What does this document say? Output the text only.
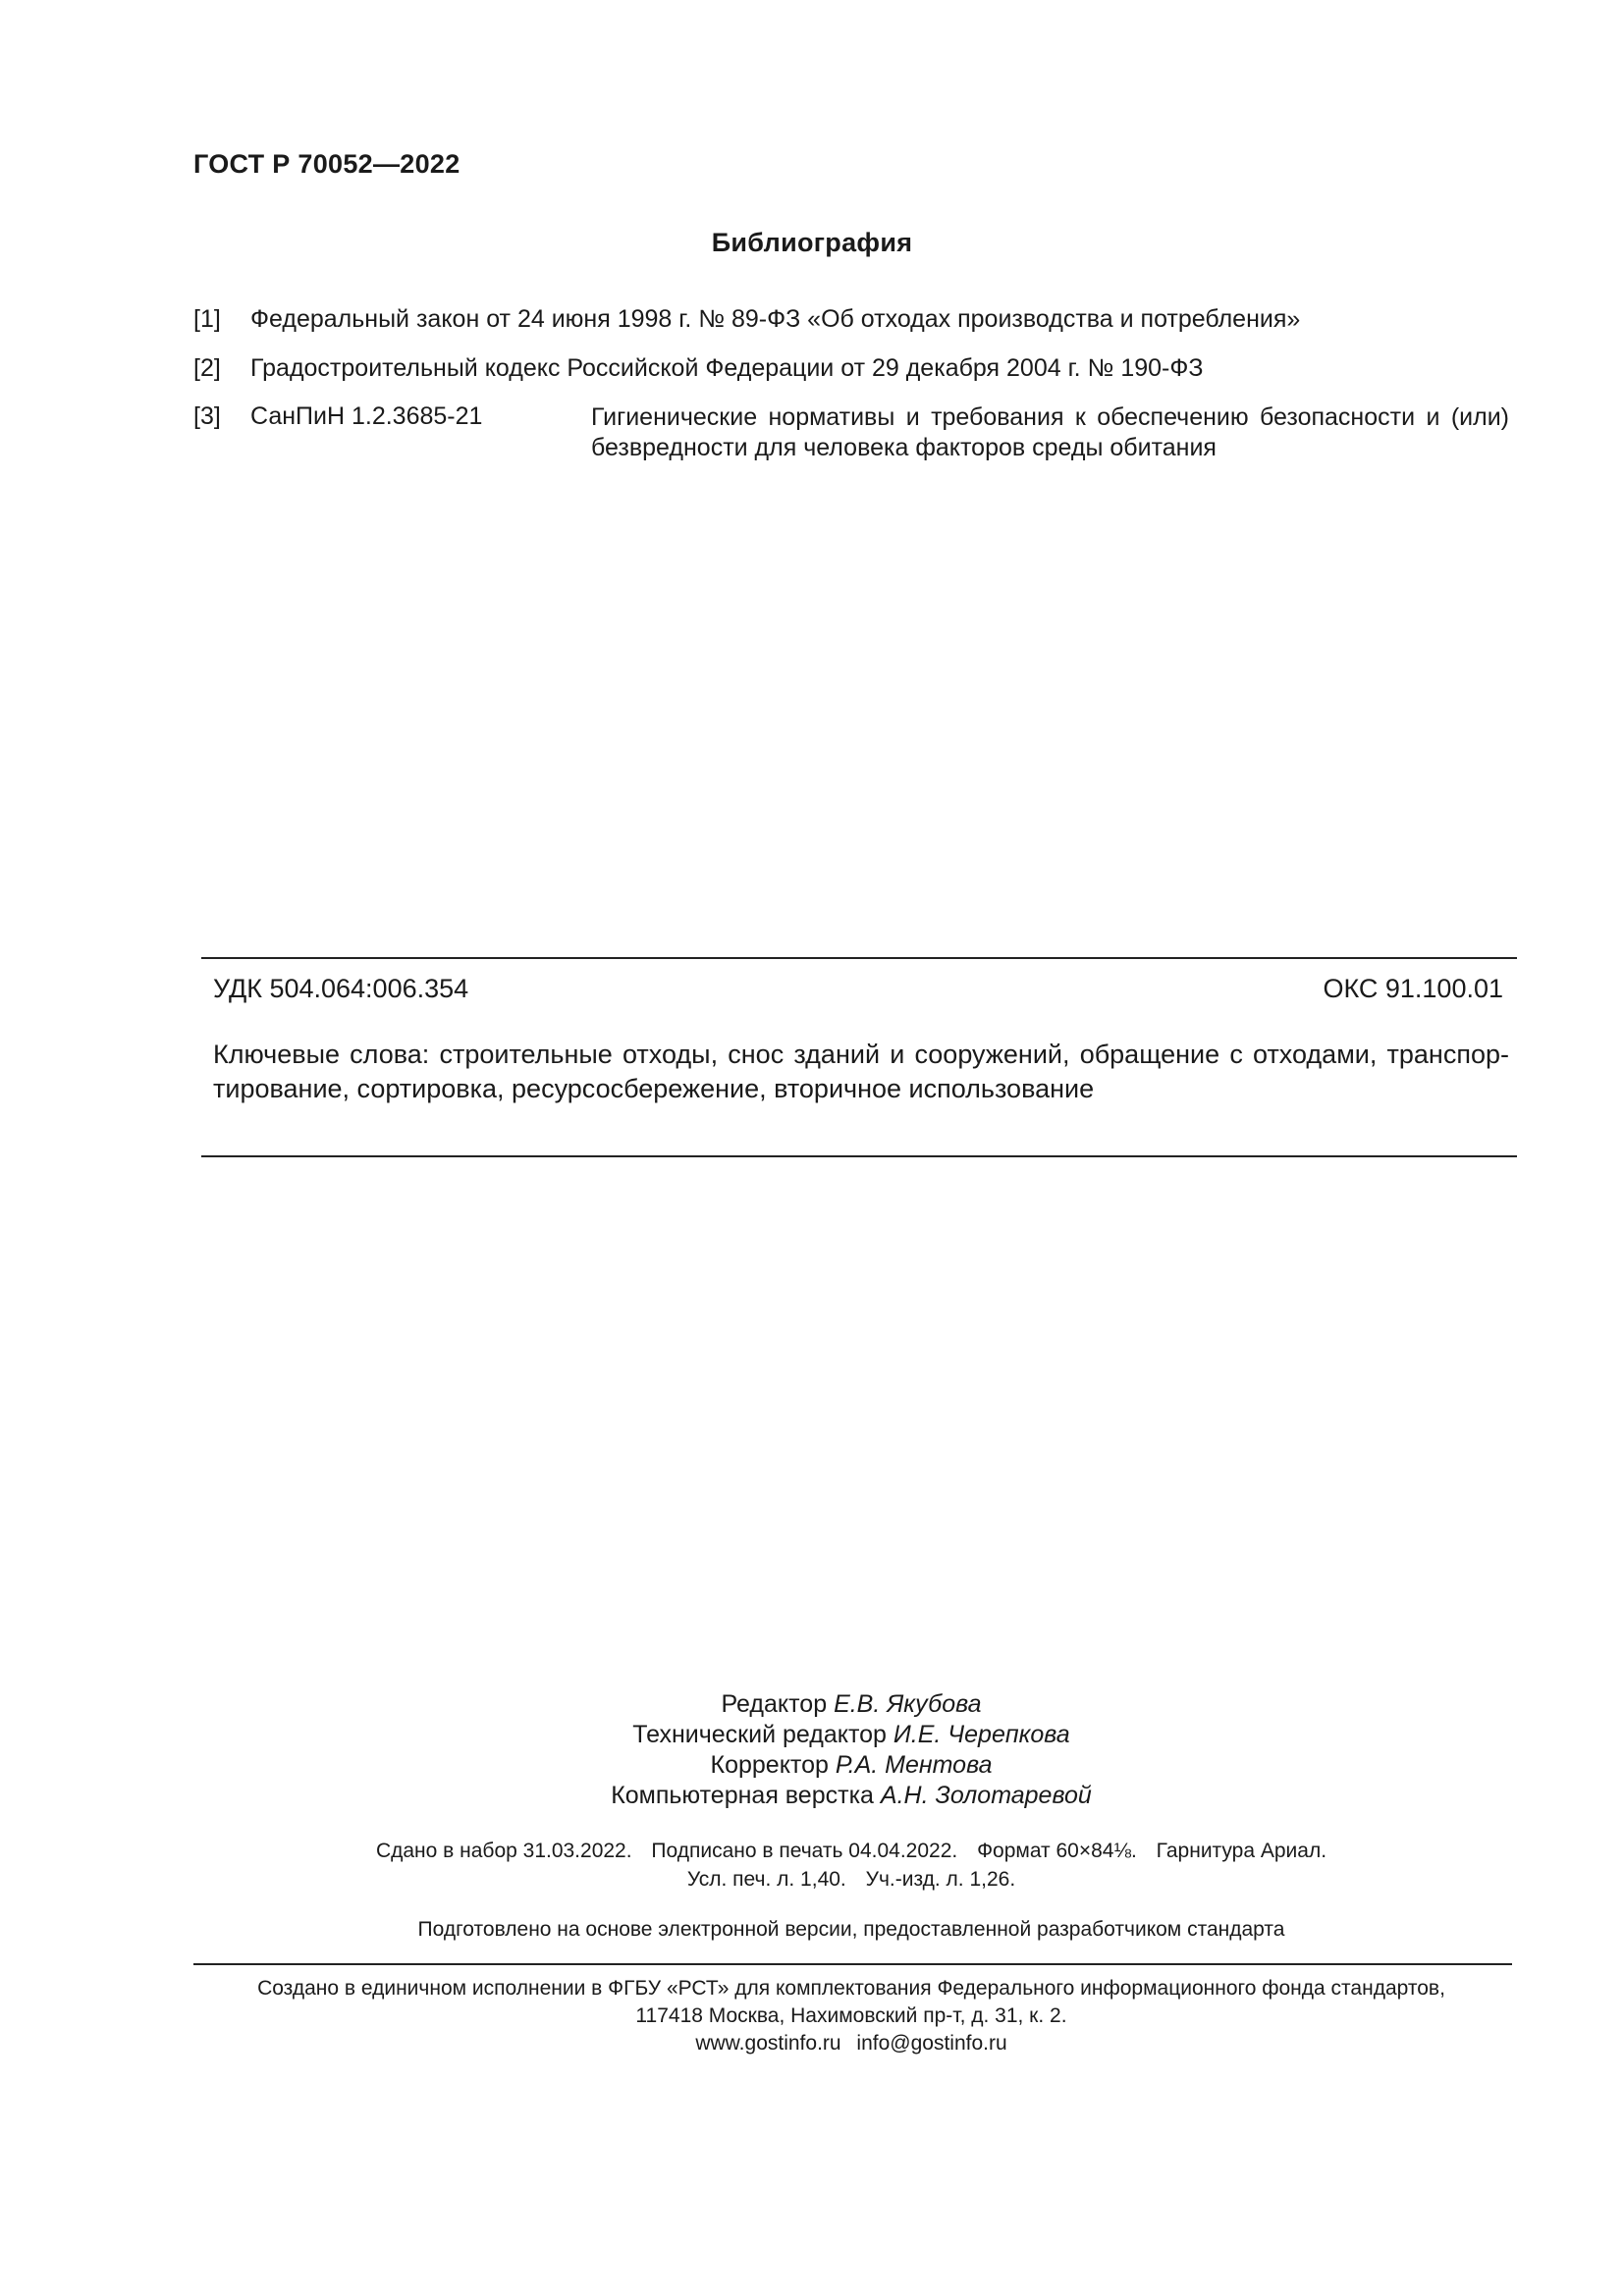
ГОСТ Р 70052—2022
Библиография
[1] Федеральный закон от 24 июня 1998 г. № 89-ФЗ «Об отходах производства и потребления»
[2] Градостроительный кодекс Российской Федерации от 29 декабря 2004 г. № 190-ФЗ
[3] СанПиН 1.2.3685-21	Гигиенические нормативы и требования к обеспечению безопасности и (или)
безвредности для человека факторов среды обитания
УДК 504.064:006.354	ОКС 91.100.01
Ключевые слова: строительные отходы, снос зданий и сооружений, обращение с отходами, транспор-
тирование, сортировка, ресурсосбережение, вторичное использование
Редактор Е.В. Якубова
Технический редактор И.Е. Черепкова
Корректор Р.А. Ментова
Компьютерная верстка А.Н. Золотаревой
Сдано в набор 31.03.2022. Подписано в печать 04.04.2022. Формат 60×84⅛. Гарнитура Ариал.
Усл. печ. л. 1,40. Уч.-изд. л. 1,26.
Подготовлено на основе электронной версии, предоставленной разработчиком стандарта
Создано в единичном исполнении в ФГБУ «РСТ» для комплектования Федерального информационного фонда стандартов,
117418 Москва, Нахимовский пр-т, д. 31, к. 2.
www.gostinfo.ru info@gostinfo.ru
